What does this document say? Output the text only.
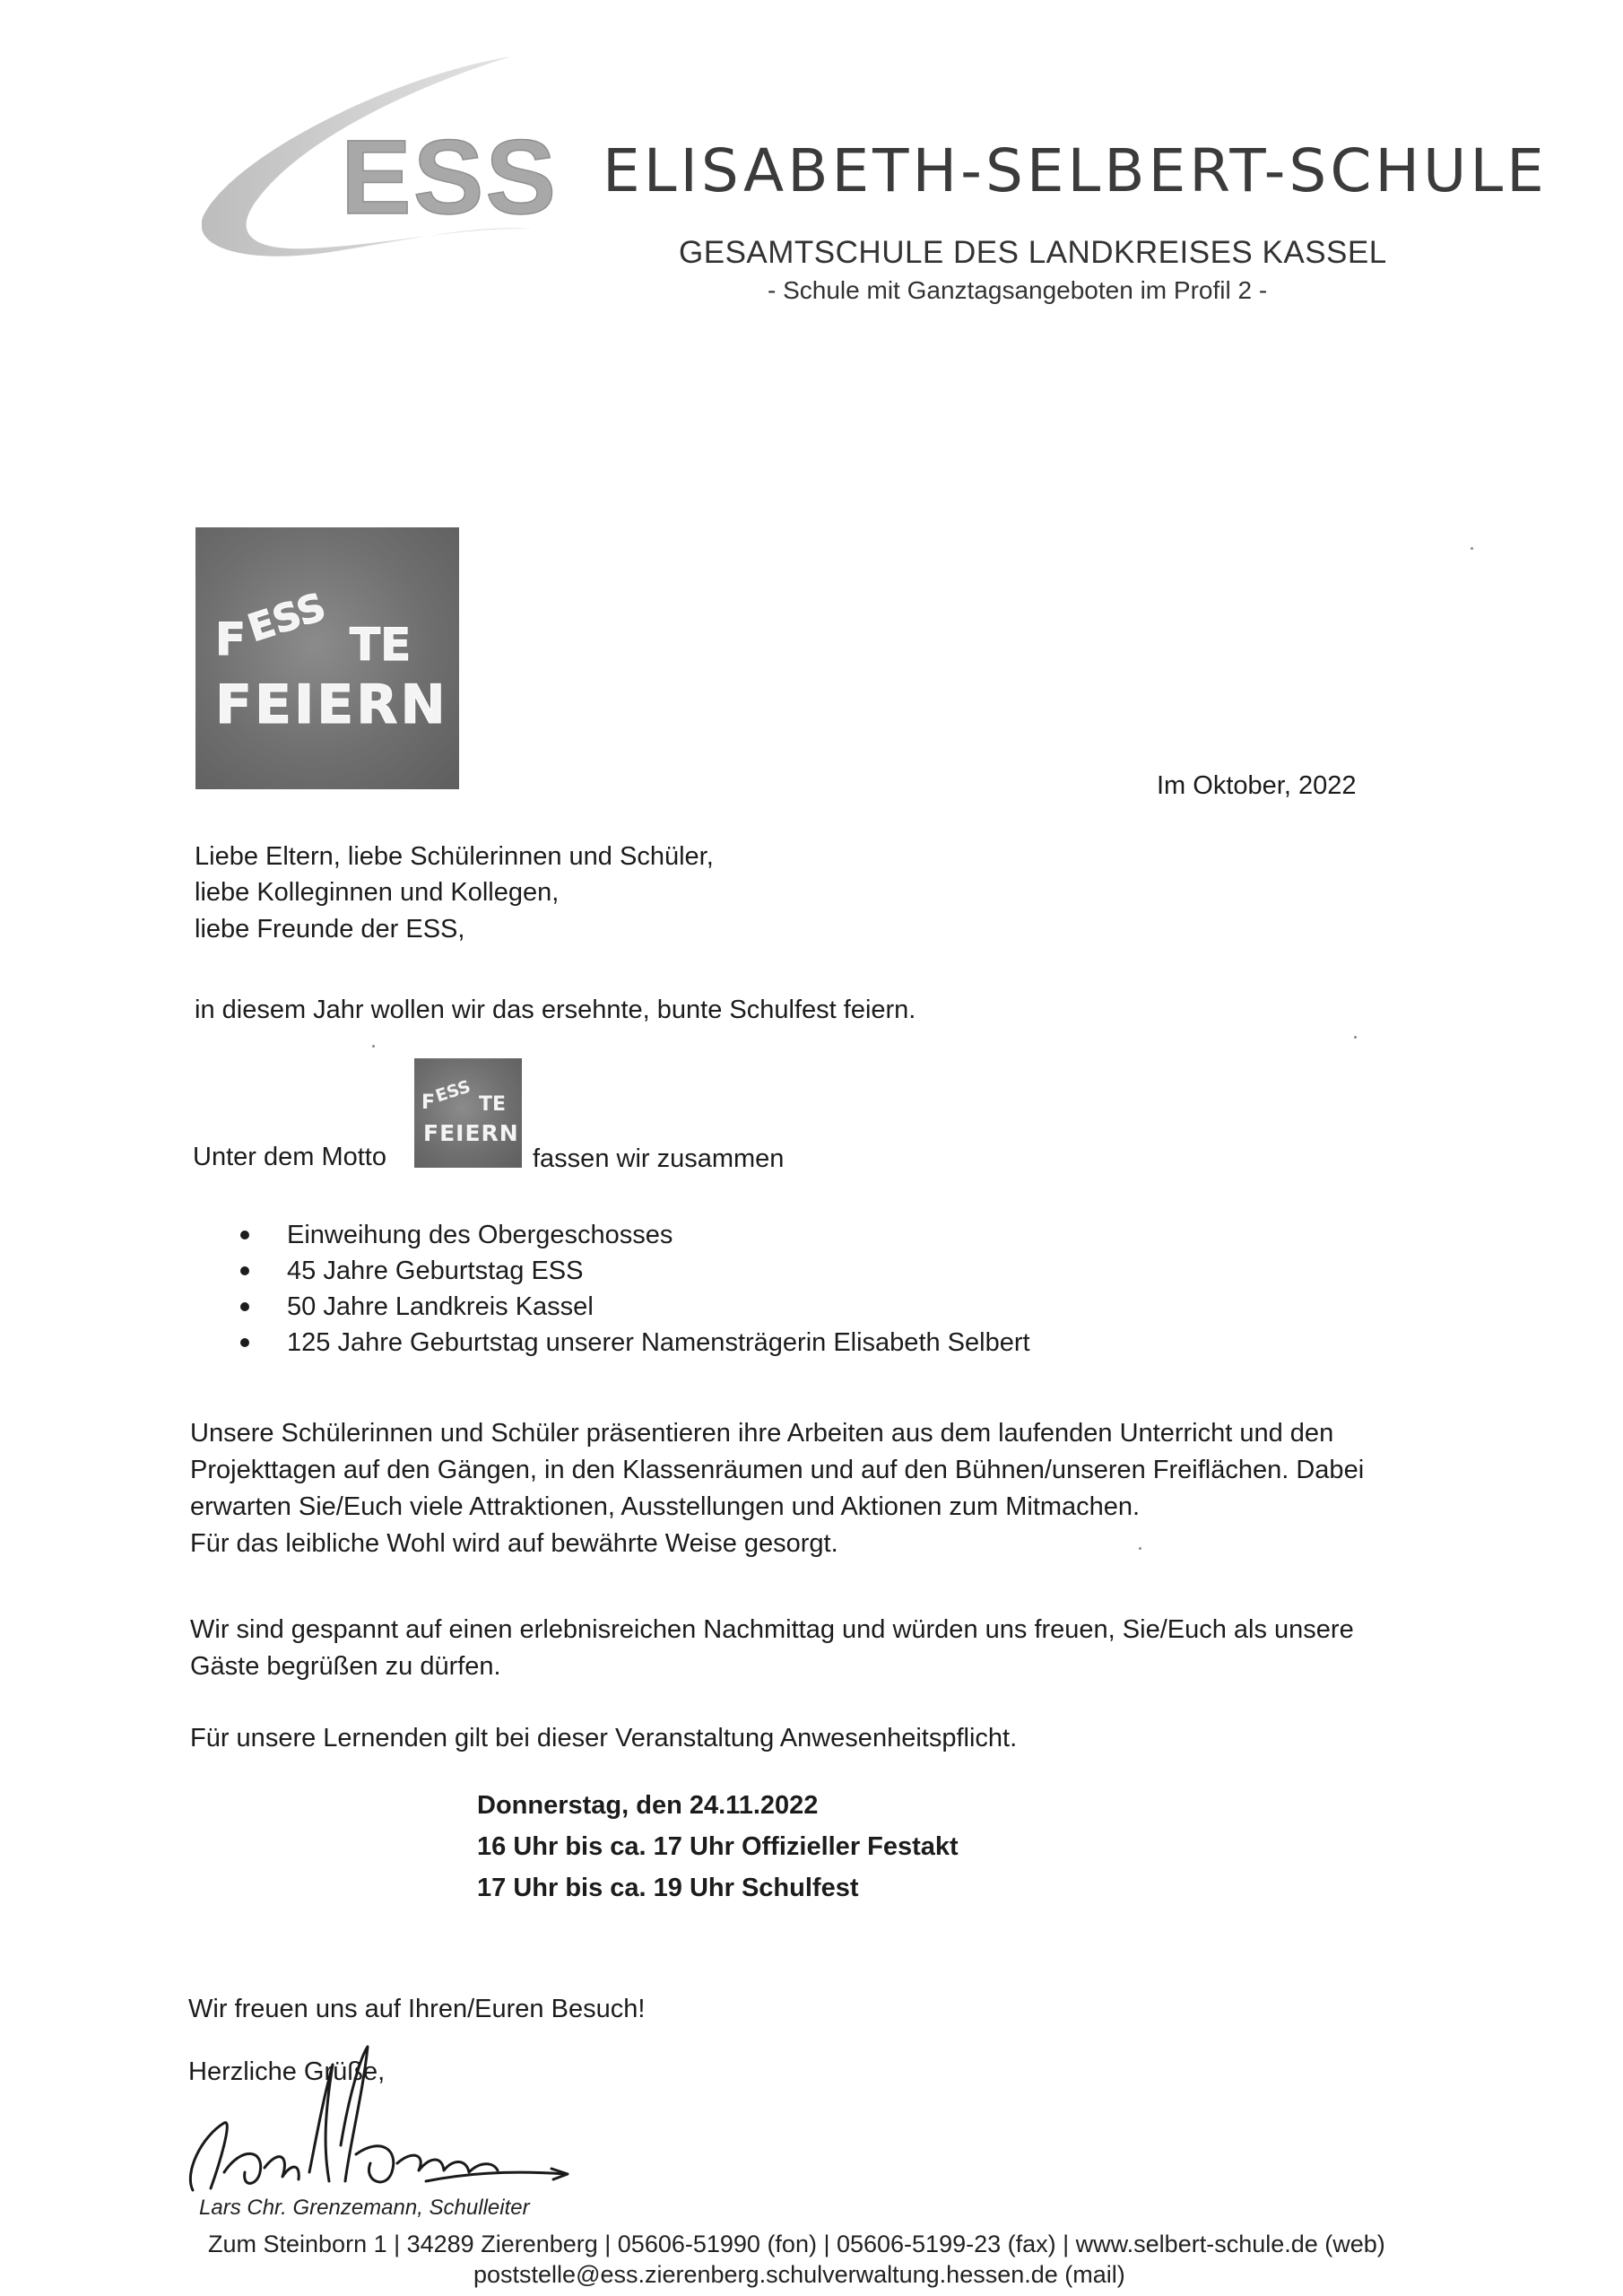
ESS ELISABETH-SELBERT-SCHULE
GESAMTSCHULE DES LANDKREISES KASSEL
- Schule mit Ganztagsangeboten im Profil 2 -
F
ESS TE
FEIERN
Im Oktober, 2022
Liebe Eltern, liebe Schülerinnen und Schüler,
liebe Kolleginnen und Kollegen,
liebe Freunde der ESS,
in diesem Jahr wollen wir das ersehnte, bunte Schulfest feiern.
Unter dem Motto
F
ESS TE
FEIERN
fassen wir zusammen
Einweihung des Obergeschosses
45 Jahre Geburtstag ESS
50 Jahre Landkreis Kassel
125 Jahre Geburtstag unserer Namensträgerin Elisabeth Selbert
Unsere Schülerinnen und Schüler präsentieren ihre Arbeiten aus dem laufenden Unterricht und den
Projekttagen auf den Gängen, in den Klassenräumen und auf den Bühnen/unseren Freiflächen. Dabei
erwarten Sie/Euch viele Attraktionen, Ausstellungen und Aktionen zum Mitmachen.
Für das leibliche Wohl wird auf bewährte Weise gesorgt.
Wir sind gespannt auf einen erlebnisreichen Nachmittag und würden uns freuen, Sie/Euch als unsere
Gäste begrüßen zu dürfen.
Für unsere Lernenden gilt bei dieser Veranstaltung Anwesenheitspflicht.
Donnerstag, den 24.11.2022
16 Uhr bis ca. 17 Uhr Offizieller Festakt
17 Uhr bis ca. 19 Uhr Schulfest
Wir freuen uns auf Ihren/Euren Besuch!
Herzliche Grüße,
Lars Chr. Grenzemann, Schulleiter
Zum Steinborn 1 | 34289 Zierenberg | 05606-51990 (fon) | 05606-5199-23 (fax) | www.selbert-schule.de (web)
poststelle@ess.zierenberg.schulverwaltung.hessen.de (mail)
